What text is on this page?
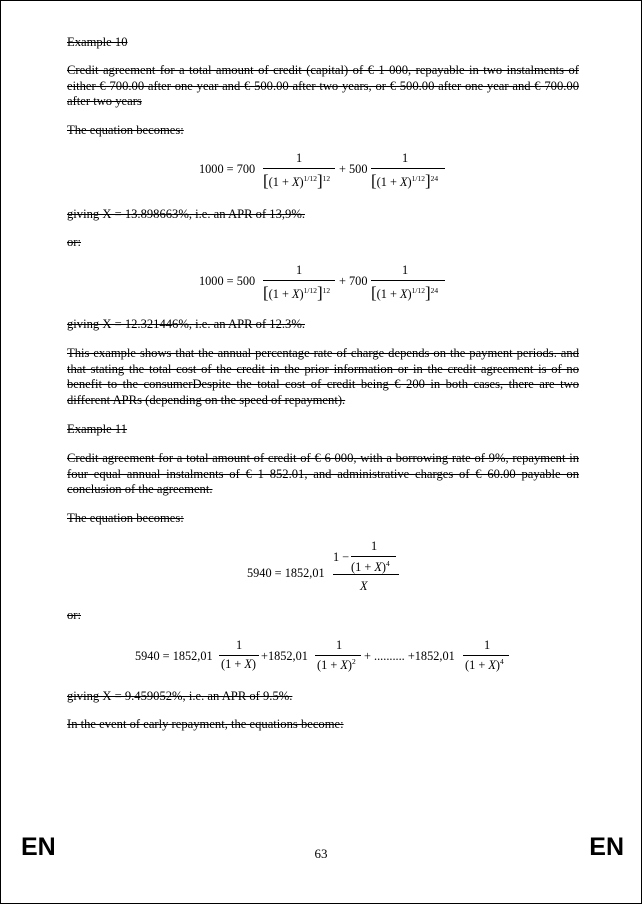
Example 10

Credit agreement for a total amount of credit (capital) of € 1 000, repayable in two instalments of either € 700.00 after one year and € 500.00 after two years, or € 500.00 after one year and € 700.00 after two years

The equation becomes:

1000 = 700
1
$[(1 + X)^{1/12}]^{12}$
+ 500
1
$[(1 + X)^{1/12}]^{24}$

giving X = 13.898663%, i.e. an APR of 13,9%.

or:

1000 = 500
1
$[(1 + X)^{1/12}]^{12}$
+ 700
1
$[(1 + X)^{1/12}]^{24}$

giving X = 12.321446%, i.e. an APR of 12.3%.

This example shows that the annual percentage rate of charge depends on the payment periods. and that stating the total cost of the credit in the prior information or in the credit agreement is of no benefit to the consumerDespite the total cost of credit being € 200 in both cases, there are two different APRs (depending on the speed of repayment).

Example 11

Credit agreement for a total amount of credit of € 6 000, with a borrowing rate of 9%, repayment in four equal annual instalments of € 1 852.01, and administrative charges of € 60.00 payable on conclusion of the agreement.

The equation becomes:

5940 = 1852,01
1 −
1
$(1 + X)^4$
X

or:

5940 = 1852,01
1
(1 + X)
+1852,01
1
$(1 + X)^2$ + .......... +1852,01
1
$(1 + X)^4$

giving X = 9.459052%, i.e. an APR of 9.5%.

In the event of early repayment, the equations become:

EN	63	EN
